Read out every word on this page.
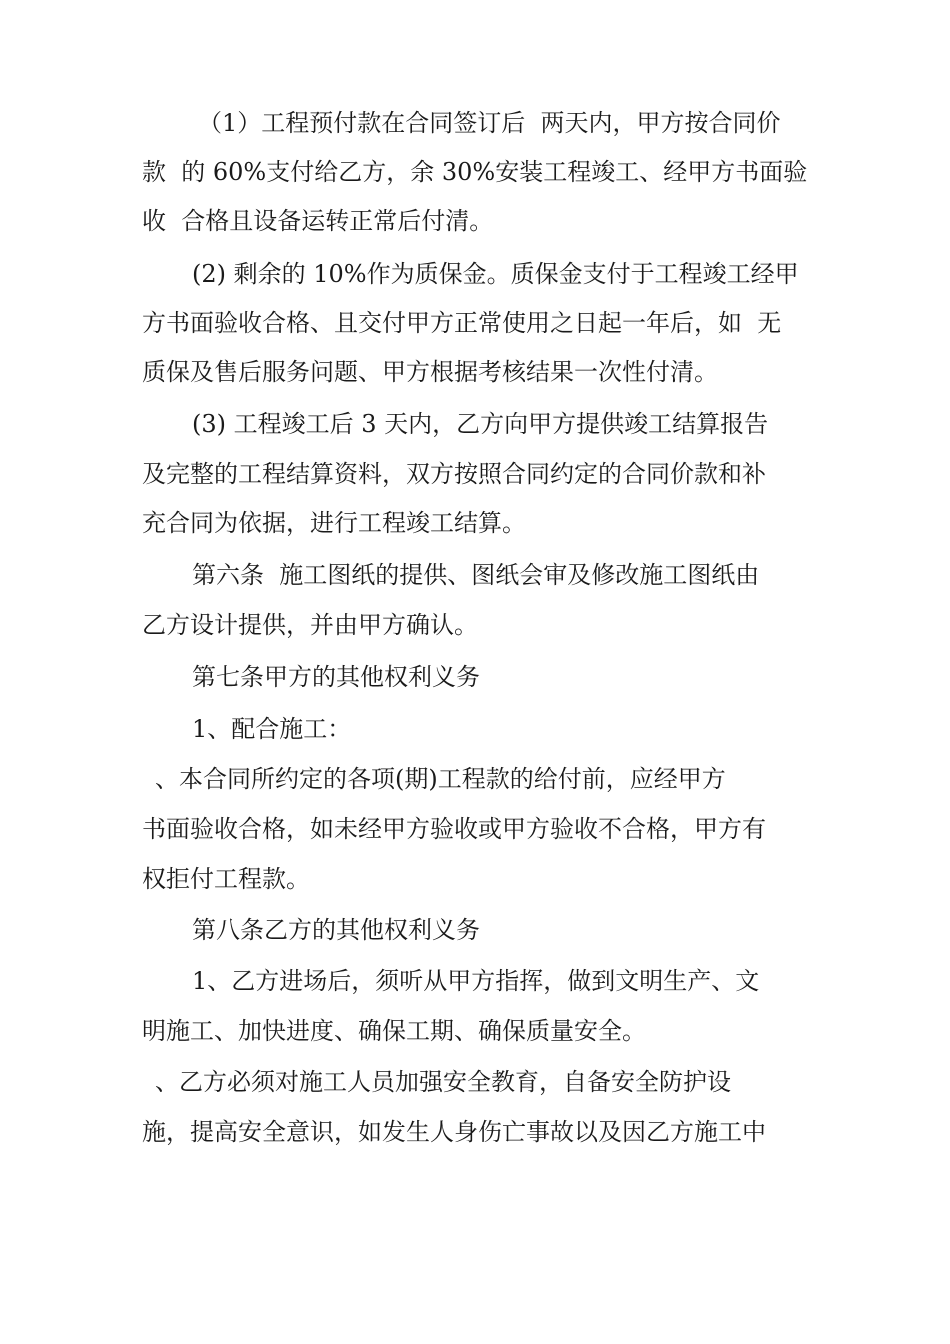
（1）工程预付款在合同签订后  两天内，甲方按合同价
款  的 60%支付给乙方，余 30%安装工程竣工、经甲方书面验
收  合格且设备运转正常后付清。
(2) 剩余的 10%作为质保金。质保金支付于工程竣工经甲
方书面验收合格、且交付甲方正常使用之日起一年后，如  无
质保及售后服务问题、甲方根据考核结果一次性付清。
(3) 工程竣工后 3 天内，乙方向甲方提供竣工结算报告
及完整的工程结算资料，双方按照合同约定的合同价款和补
充合同为依据，进行工程竣工结算。
第六条  施工图纸的提供、图纸会审及修改施工图纸由
乙方设计提供，并由甲方确认。
第七条甲方的其他权利义务
1、配合施工：
、本合同所约定的各项(期)工程款的给付前，应经甲方
书面验收合格，如未经甲方验收或甲方验收不合格，甲方有
权拒付工程款。
第八条乙方的其他权利义务
1、乙方进场后，须听从甲方指挥，做到文明生产、文
明施工、加快进度、确保工期、确保质量安全。
、乙方必须对施工人员加强安全教育，自备安全防护设
施，提高安全意识，如发生人身伤亡事故以及因乙方施工中
